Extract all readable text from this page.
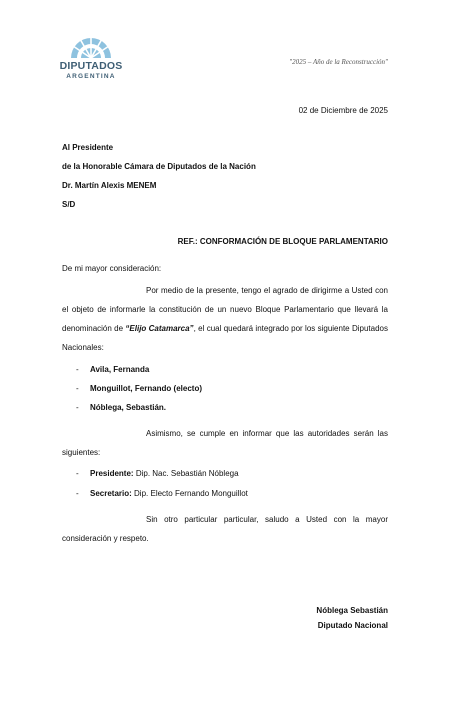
DIPUTADOS
ARGENTINA
"2025 – Año de la Reconstrucción"
02 de Diciembre de 2025
Al Presidente
de la Honorable Cámara de Diputados de la Nación
Dr. Martín Alexis MENEM
S/D
REF.: CONFORMACIÓN DE BLOQUE PARLAMENTARIO
De mi mayor consideración:
Por medio de la presente, tengo el agrado de dirigirme a Usted con el objeto de informarle la constitución de un nuevo Bloque Parlamentario que llevará la denominación de “Elijo Catamarca”, el cual quedará integrado por los siguiente Diputados Nacionales:
- Avila, Fernanda
- Monguillot, Fernando (electo)
- Nóblega, Sebastián.
Asimismo, se cumple en informar que las autoridades serán las siguientes:
- Presidente: Dip. Nac. Sebastián Nóblega
- Secretario: Dip. Electo Fernando Monguillot
Sin otro particular particular, saludo a Usted con la mayor consideración y respeto.
Nóblega Sebastián
Diputado Nacional
